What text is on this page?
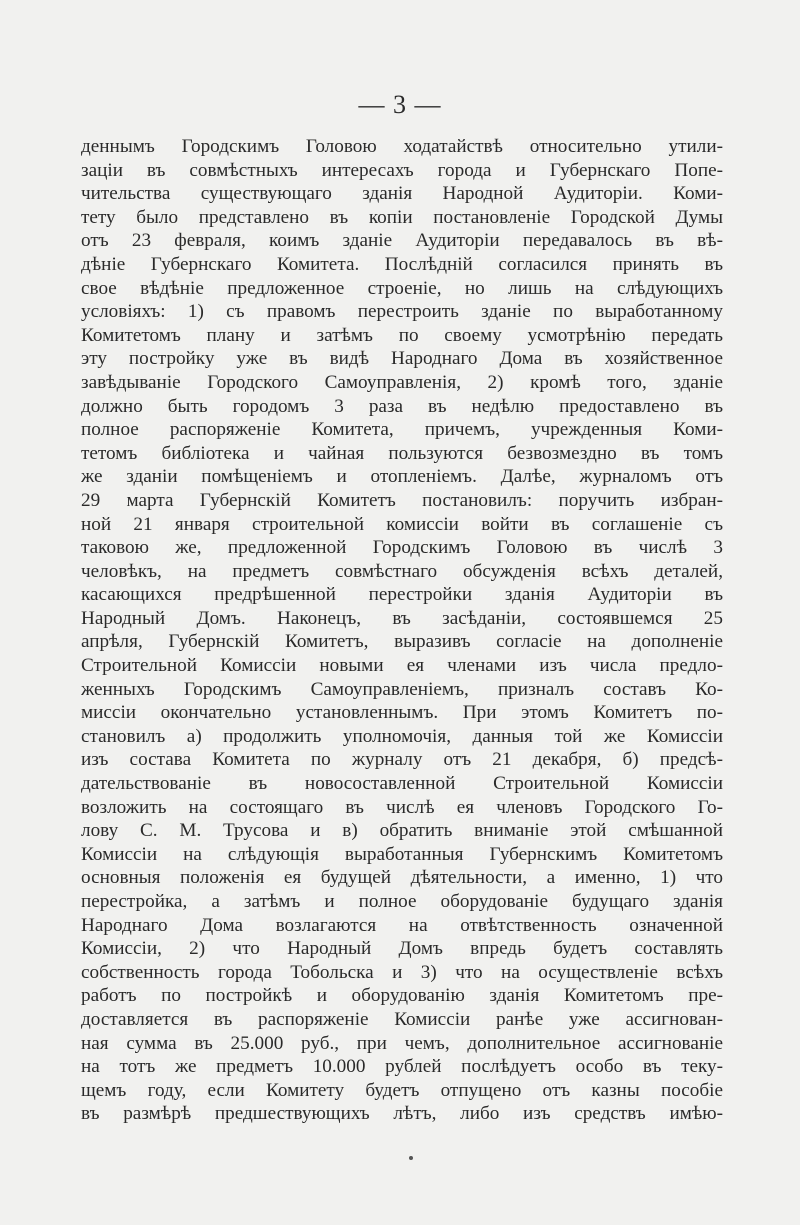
— 3 —
деннымъ Городскимъ Головою ходатайствѣ относительно утили-
заціи въ совмѣстныхъ интересахъ города и Губернскаго Попе-
чительства существующаго зданія Народной Аудиторіи. Коми-
тету было представлено въ копіи постановленіе Городской Думы
отъ 23 февраля, коимъ зданіе Аудиторіи передавалось въ вѣ-
дѣніе Губернскаго Комитета. Послѣдній согласился принять въ
свое вѣдѣніе предложенное строеніе, но лишь на слѣдующихъ
условіяхъ: 1) съ правомъ перестроить зданіе по выработанному
Комитетомъ плану и затѣмъ по своему усмотрѣнію передать
эту постройку уже въ видѣ Народнаго Дома въ хозяйственное
завѣдываніе Городского Самоуправленія, 2) кромѣ того, зданіе
должно быть городомъ 3 раза въ недѣлю предоставлено въ
полное распоряженіе Комитета, причемъ, учрежденныя Коми-
тетомъ библіотека и чайная пользуются безвозмездно въ томъ
же зданіи помѣщеніемъ и отопленіемъ. Далѣе, журналомъ отъ
29 марта Губернскій Комитетъ постановилъ: поручить избран-
ной 21 января строительной комиссіи войти въ соглашеніе съ
таковою же, предложенной Городскимъ Головою въ числѣ 3
человѣкъ, на предметъ совмѣстнаго обсужденія всѣхъ деталей,
касающихся предрѣшенной перестройки зданія Аудиторіи въ
Народный Домъ. Наконецъ, въ засѣданіи, состоявшемся 25
апрѣля, Губернскій Комитетъ, выразивъ согласіе на дополненіе
Строительной Комиссіи новыми ея членами изъ числа предло-
женныхъ Городскимъ Самоуправленіемъ, призналъ составъ Ко-
миссіи окончательно установленнымъ. При этомъ Комитетъ по-
становилъ а) продолжить уполномочія, данныя той же Комиссіи
изъ состава Комитета по журналу отъ 21 декабря, б) предсѣ-
дательствованіе въ новосоставленной Строительной Комиссіи
возложить на состоящаго въ числѣ ея членовъ Городского Го-
лову С. М. Трусова и в) обратить вниманіе этой смѣшанной
Комиссіи на слѣдующія выработанныя Губернскимъ Комитетомъ
основныя положенія ея будущей дѣятельности, а именно, 1) что
перестройка, а затѣмъ и полное оборудованіе будущаго зданія
Народнаго Дома возлагаются на отвѣтственность означенной
Комиссіи, 2) что Народный Домъ впредь будетъ составлять
собственность города Тобольска и 3) что на осуществленіе всѣхъ
работъ по постройкѣ и оборудованію зданія Комитетомъ пре-
доставляется въ распоряженіе Комиссіи ранѣе уже ассигнован-
ная сумма въ 25.000 руб., при чемъ, дополнительное ассигнованіе
на тотъ же предметъ 10.000 рублей послѣдуетъ особо въ теку-
щемъ году, если Комитету будетъ отпущено отъ казны пособіе
въ размѣрѣ предшествующихъ лѣтъ, либо изъ средствъ имѣю-
